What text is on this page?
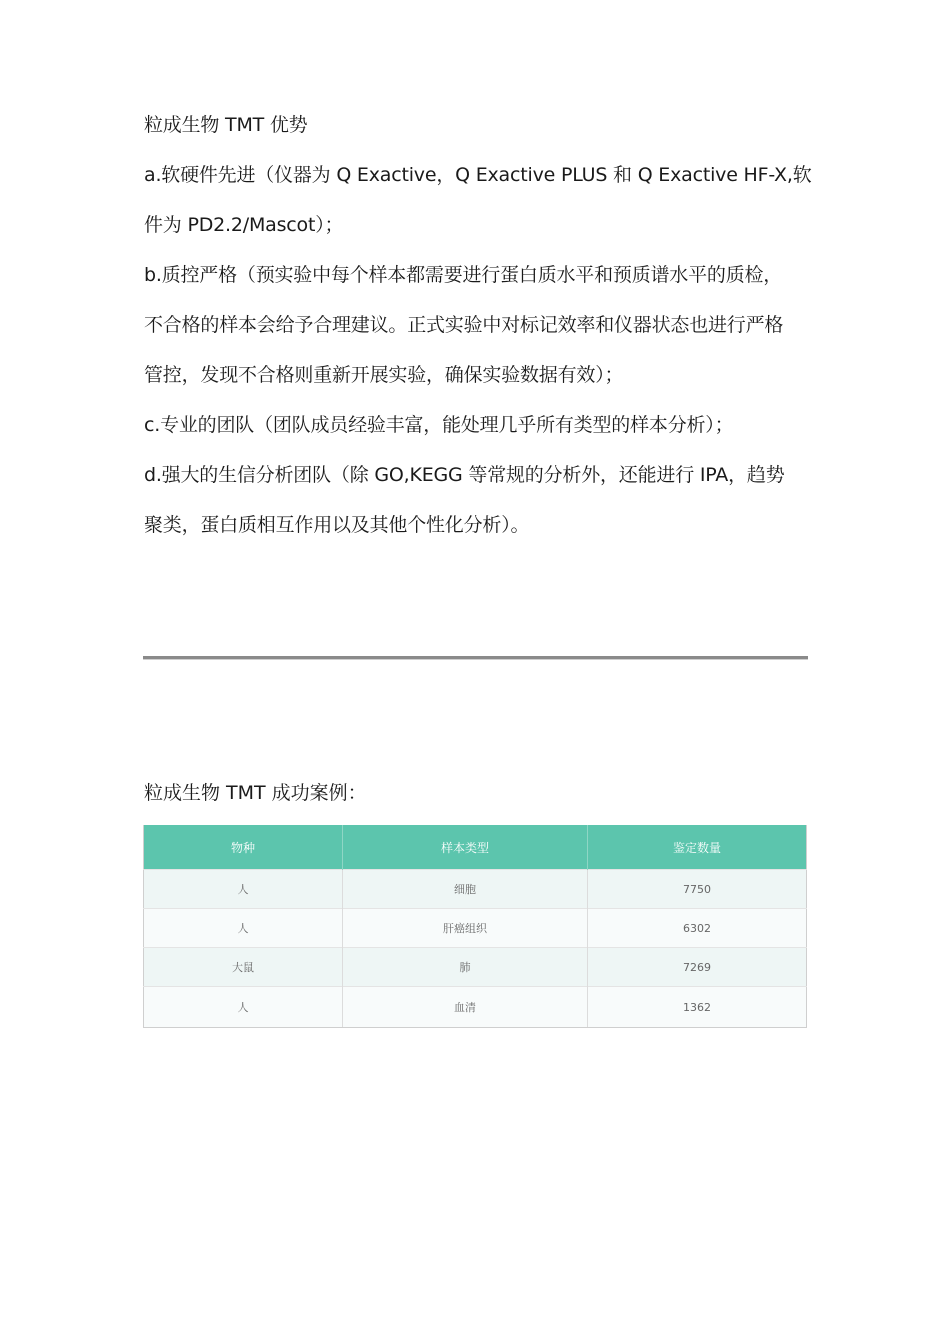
粒成生物 TMT 优势
a.软硬件先进（仪器为 Q Exactive，Q Exactive PLUS 和 Q Exactive HF-X,软
件为 PD2.2/Mascot）；
b.质控严格（预实验中每个样本都需要进行蛋白质水平和预质谱水平的质检，
不合格的样本会给予合理建议。正式实验中对标记效率和仪器状态也进行严格
管控，发现不合格则重新开展实验，确保实验数据有效）；
c.专业的团队（团队成员经验丰富，能处理几乎所有类型的样本分析）；
d.强大的生信分析团队（除 GO,KEGG 等常规的分析外，还能进行 IPA，趋势
聚类，蛋白质相互作用以及其他个性化分析）。
粒成生物 TMT 成功案例：
物种	样本类型	鉴定数量
人	细胞	7750
人	肝癌组织	6302
大鼠	肺	7269
人	血清	1362
